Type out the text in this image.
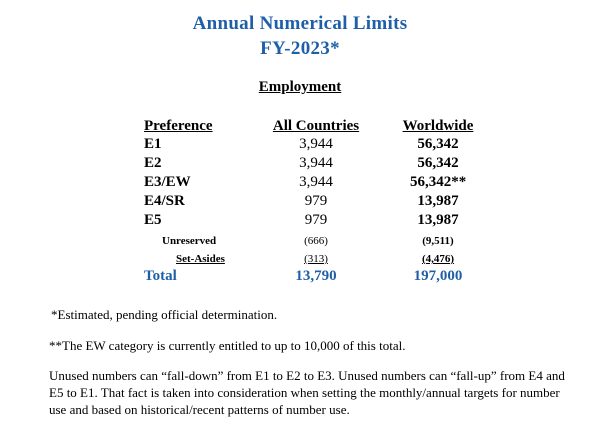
Annual Numerical Limits
FY-2023*
Employment
Preference	All Countries	Worldwide
E1	3,944	56,342
E2	3,944	56,342
E3/EW	3,944	56,342**
E4/SR	979	13,987
E5	979	13,987
Unreserved	(666)	(9,511)
Set-Asides	(313)	(4,476)
Total	13,790	197,000
*Estimated, pending official determination.
**The EW category is currently entitled to up to 10,000 of this total.
Unused numbers can “fall-down” from E1 to E2 to E3. Unused numbers can “fall-up” from E4 and E5 to E1. That fact is taken into consideration when setting the monthly/annual targets for number use and based on historical/recent patterns of number use.
